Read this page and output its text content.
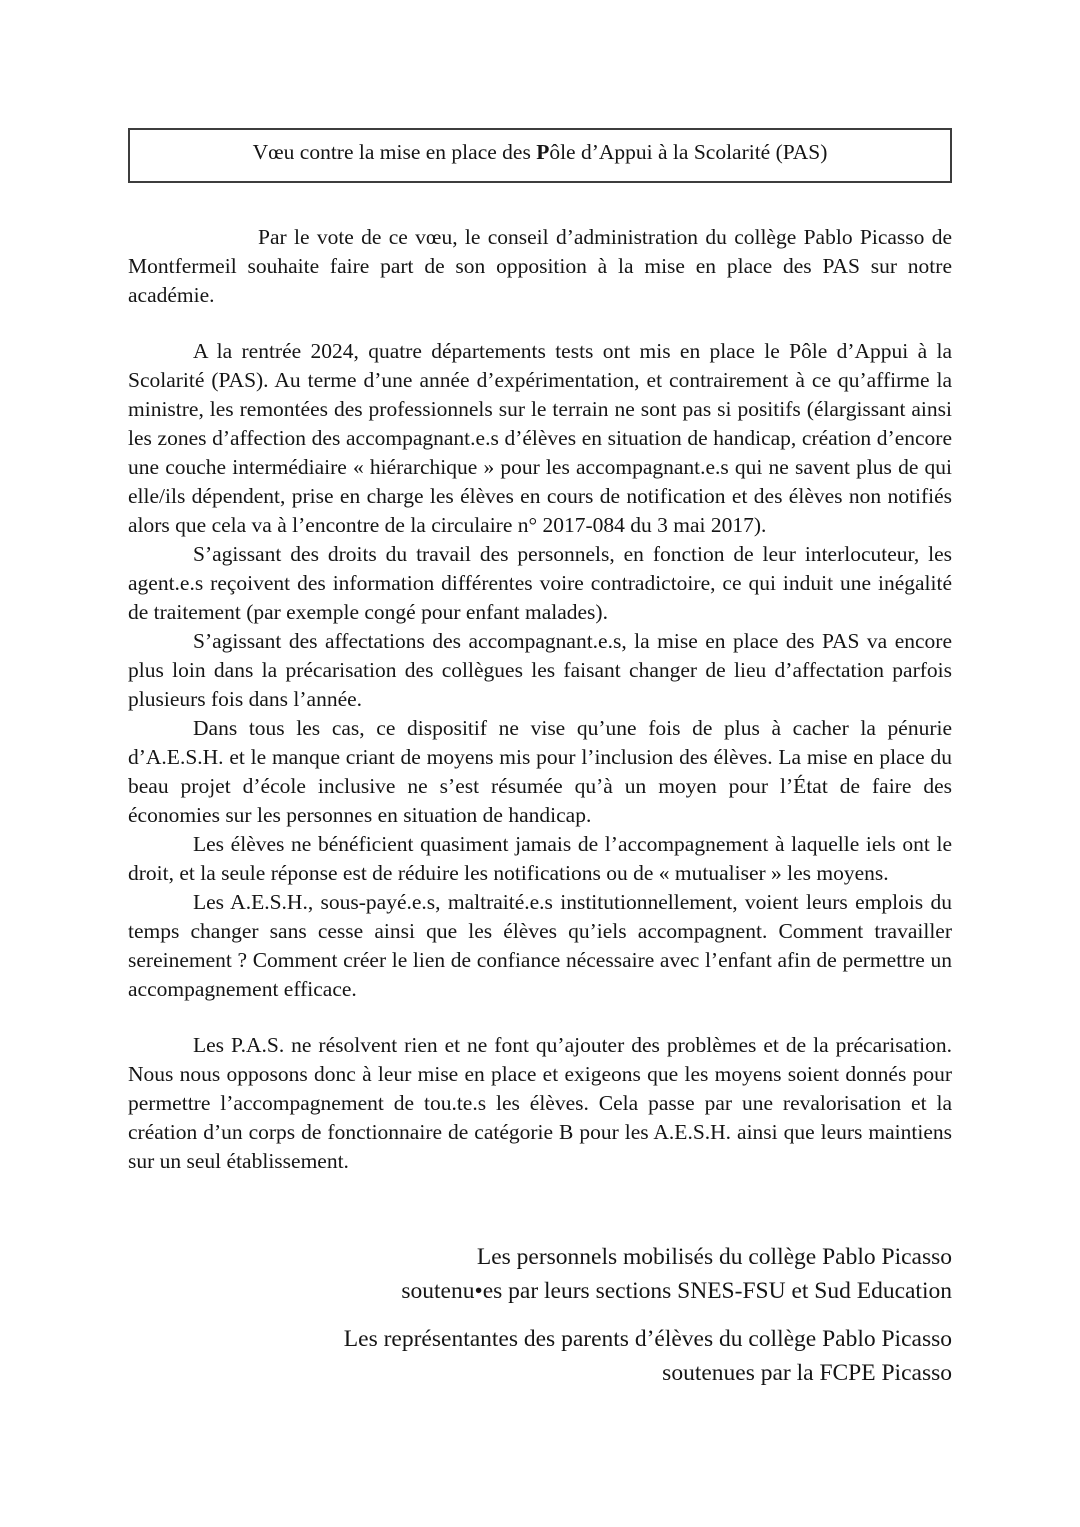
Vœu contre la mise en place des Pôle d’Appui à la Scolarité (PAS)

Par le vote de ce vœu, le conseil d’administration du collège Pablo Picasso de Montfermeil souhaite faire part de son opposition à la mise en place des PAS sur notre académie.

A la rentrée 2024, quatre départements tests ont mis en place le Pôle d’Appui à la Scolarité (PAS). Au terme d’une année d’expérimentation, et contrairement à ce qu’affirme la ministre, les remontées des professionnels sur le terrain ne sont pas si positifs (élargissant ainsi les zones d’affection des accompagnant.e.s d’élèves en situation de handicap, création d’encore une couche intermédiaire « hiérarchique » pour les accompagnant.e.s qui ne savent plus de qui elle/ils dépendent, prise en charge les élèves en cours de notification et des élèves non notifiés alors que cela va à l’encontre de la circulaire n° 2017-084 du 3 mai 2017).

S’agissant des droits du travail des personnels, en fonction de leur interlocuteur, les agent.e.s reçoivent des information différentes voire contradictoire, ce qui induit une inégalité de traitement (par exemple congé pour enfant malades).

S’agissant des affectations des accompagnant.e.s, la mise en place des PAS va encore plus loin dans la précarisation des collègues les faisant changer de lieu d’affectation parfois plusieurs fois dans l’année.

Dans tous les cas, ce dispositif ne vise qu’une fois de plus à cacher la pénurie d’A.E.S.H. et le manque criant de moyens mis pour l’inclusion des élèves. La mise en place du beau projet d’école inclusive ne s’est résumée qu’à un moyen pour l’État de faire des économies sur les personnes en situation de handicap.

Les élèves ne bénéficient quasiment jamais de l’accompagnement à laquelle iels ont le droit, et la seule réponse est de réduire les notifications ou de « mutualiser » les moyens.

Les A.E.S.H., sous-payé.e.s, maltraité.e.s institutionnellement, voient leurs emplois du temps changer sans cesse ainsi que les élèves qu’iels accompagnent. Comment travailler sereinement ? Comment créer le lien de confiance nécessaire avec l’enfant afin de permettre un accompagnement efficace.

Les P.A.S. ne résolvent rien et ne font qu’ajouter des problèmes et de la précarisation. Nous nous opposons donc à leur mise en place et exigeons que les moyens soient donnés pour permettre l’accompagnement de tou.te.s les élèves. Cela passe par une revalorisation et la création d’un corps de fonctionnaire de catégorie B pour les A.E.S.H. ainsi que leurs maintiens sur un seul établissement.

Les personnels mobilisés du collège Pablo Picasso

soutenu•es par leurs sections SNES-FSU et Sud Education

Les représentantes des parents d’élèves du collège Pablo Picasso

soutenues par la FCPE Picasso
